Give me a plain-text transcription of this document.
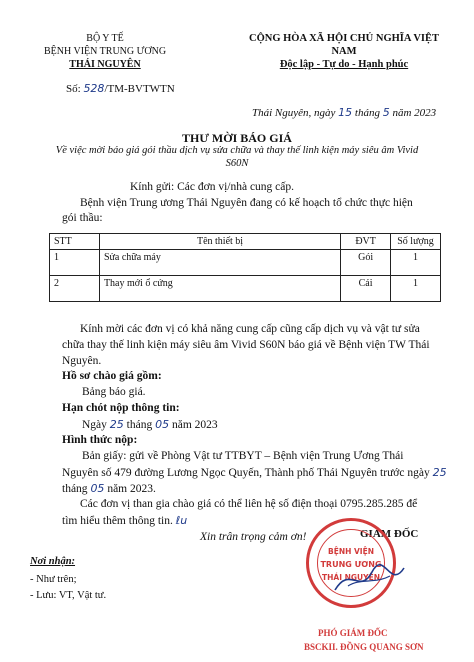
BỘ Y TẾ
BỆNH VIỆN TRUNG ƯƠNG
THÁI NGUYÊN
Số: 528/TM-BVTWTN
CỘNG HÒA XÃ HỘI CHỦ NGHĨA VIỆT
NAM
Độc lập - Tự do - Hạnh phúc
Thái Nguyên, ngày 15 tháng 5 năm 2023
THƯ MỜI BÁO GIÁ
Về việc mời báo giá gói thầu dịch vụ sửa chữa và thay thế linh kiện máy siêu âm Vivid
S60N
Kính gửi: Các đơn vị/nhà cung cấp.
Bệnh viện Trung ương Thái Nguyên đang có kế hoạch tổ chức thực hiện
gói thầu:
STT	Tên thiết bị	ĐVT	Số lượng
1	Sửa chữa máy	Gói	1
2	Thay mới ổ cứng	Cái	1
Kính mời các đơn vị có khả năng cung cấp cũng cấp dịch vụ và vật tư sửa
chữa thay thế linh kiện máy siêu âm Vivid S60N báo giá về Bệnh viện TW Thái
Nguyên.
Hồ sơ chào giá gồm:
Bảng báo giá.
Hạn chót nộp thông tin:
Ngày 25 tháng 05 năm 2023
Hình thức nộp:
Bản giấy: gửi về Phòng Vật tư TTBYT – Bệnh viện Trung Ương Thái
Nguyên số 479 đường Lương Ngọc Quyến, Thành phố Thái Nguyên trước ngày 25
tháng 05 năm 2023.
Các đơn vị than gia chào giá có thể liên hệ số điện thoại 0795.285.285 để
tìm hiểu thêm thông tin. ℓu
Xin trân trọng cảm ơn!
Nơi nhận:
- Như trên;
- Lưu: VT, Vật tư.
GIÁM ĐỐC
BỆNH VIỆN
TRUNG ƯƠNG
THÁI NGUYÊN
PHÓ GIÁM ĐỐC
BSCKII. ĐỒNG QUANG SƠN
